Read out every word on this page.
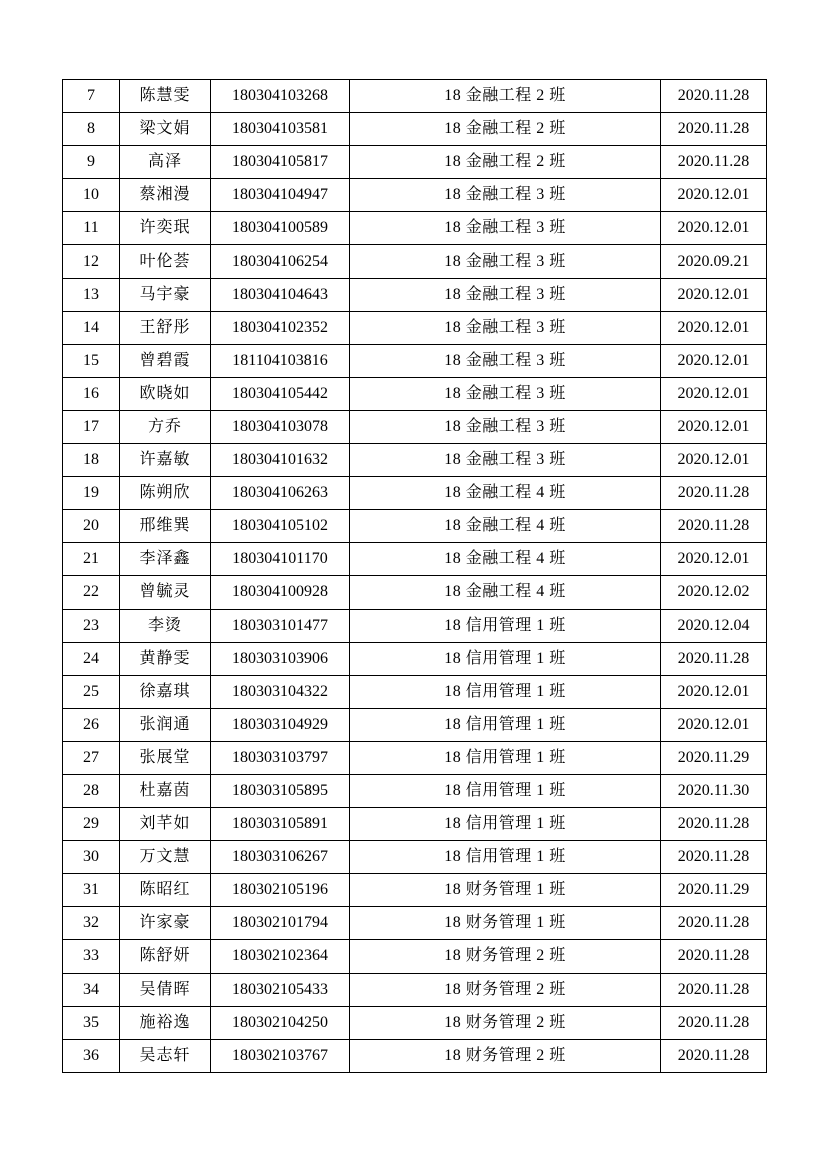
7	陈慧雯	180304103268	18 金融工程 2 班	2020.11.28
8	梁文娟	180304103581	18 金融工程 2 班	2020.11.28
9	高泽	180304105817	18 金融工程 2 班	2020.11.28
10	蔡湘漫	180304104947	18 金融工程 3 班	2020.12.01
11	许奕珉	180304100589	18 金融工程 3 班	2020.12.01
12	叶伦荟	180304106254	18 金融工程 3 班	2020.09.21
13	马宇豪	180304104643	18 金融工程 3 班	2020.12.01
14	王舒彤	180304102352	18 金融工程 3 班	2020.12.01
15	曾碧霞	181104103816	18 金融工程 3 班	2020.12.01
16	欧晓如	180304105442	18 金融工程 3 班	2020.12.01
17	方乔	180304103078	18 金融工程 3 班	2020.12.01
18	许嘉敏	180304101632	18 金融工程 3 班	2020.12.01
19	陈朔欣	180304106263	18 金融工程 4 班	2020.11.28
20	邢维巽	180304105102	18 金融工程 4 班	2020.11.28
21	李泽鑫	180304101170	18 金融工程 4 班	2020.12.01
22	曾毓灵	180304100928	18 金融工程 4 班	2020.12.02
23	李烫	180303101477	18 信用管理 1 班	2020.12.04
24	黄静雯	180303103906	18 信用管理 1 班	2020.11.28
25	徐嘉琪	180303104322	18 信用管理 1 班	2020.12.01
26	张润通	180303104929	18 信用管理 1 班	2020.12.01
27	张展堂	180303103797	18 信用管理 1 班	2020.11.29
28	杜嘉茵	180303105895	18 信用管理 1 班	2020.11.30
29	刘芊如	180303105891	18 信用管理 1 班	2020.11.28
30	万文慧	180303106267	18 信用管理 1 班	2020.11.28
31	陈昭红	180302105196	18 财务管理 1 班	2020.11.29
32	许家豪	180302101794	18 财务管理 1 班	2020.11.28
33	陈舒妍	180302102364	18 财务管理 2 班	2020.11.28
34	吴倩晖	180302105433	18 财务管理 2 班	2020.11.28
35	施裕逸	180302104250	18 财务管理 2 班	2020.11.28
36	吴志轩	180302103767	18 财务管理 2 班	2020.11.28
